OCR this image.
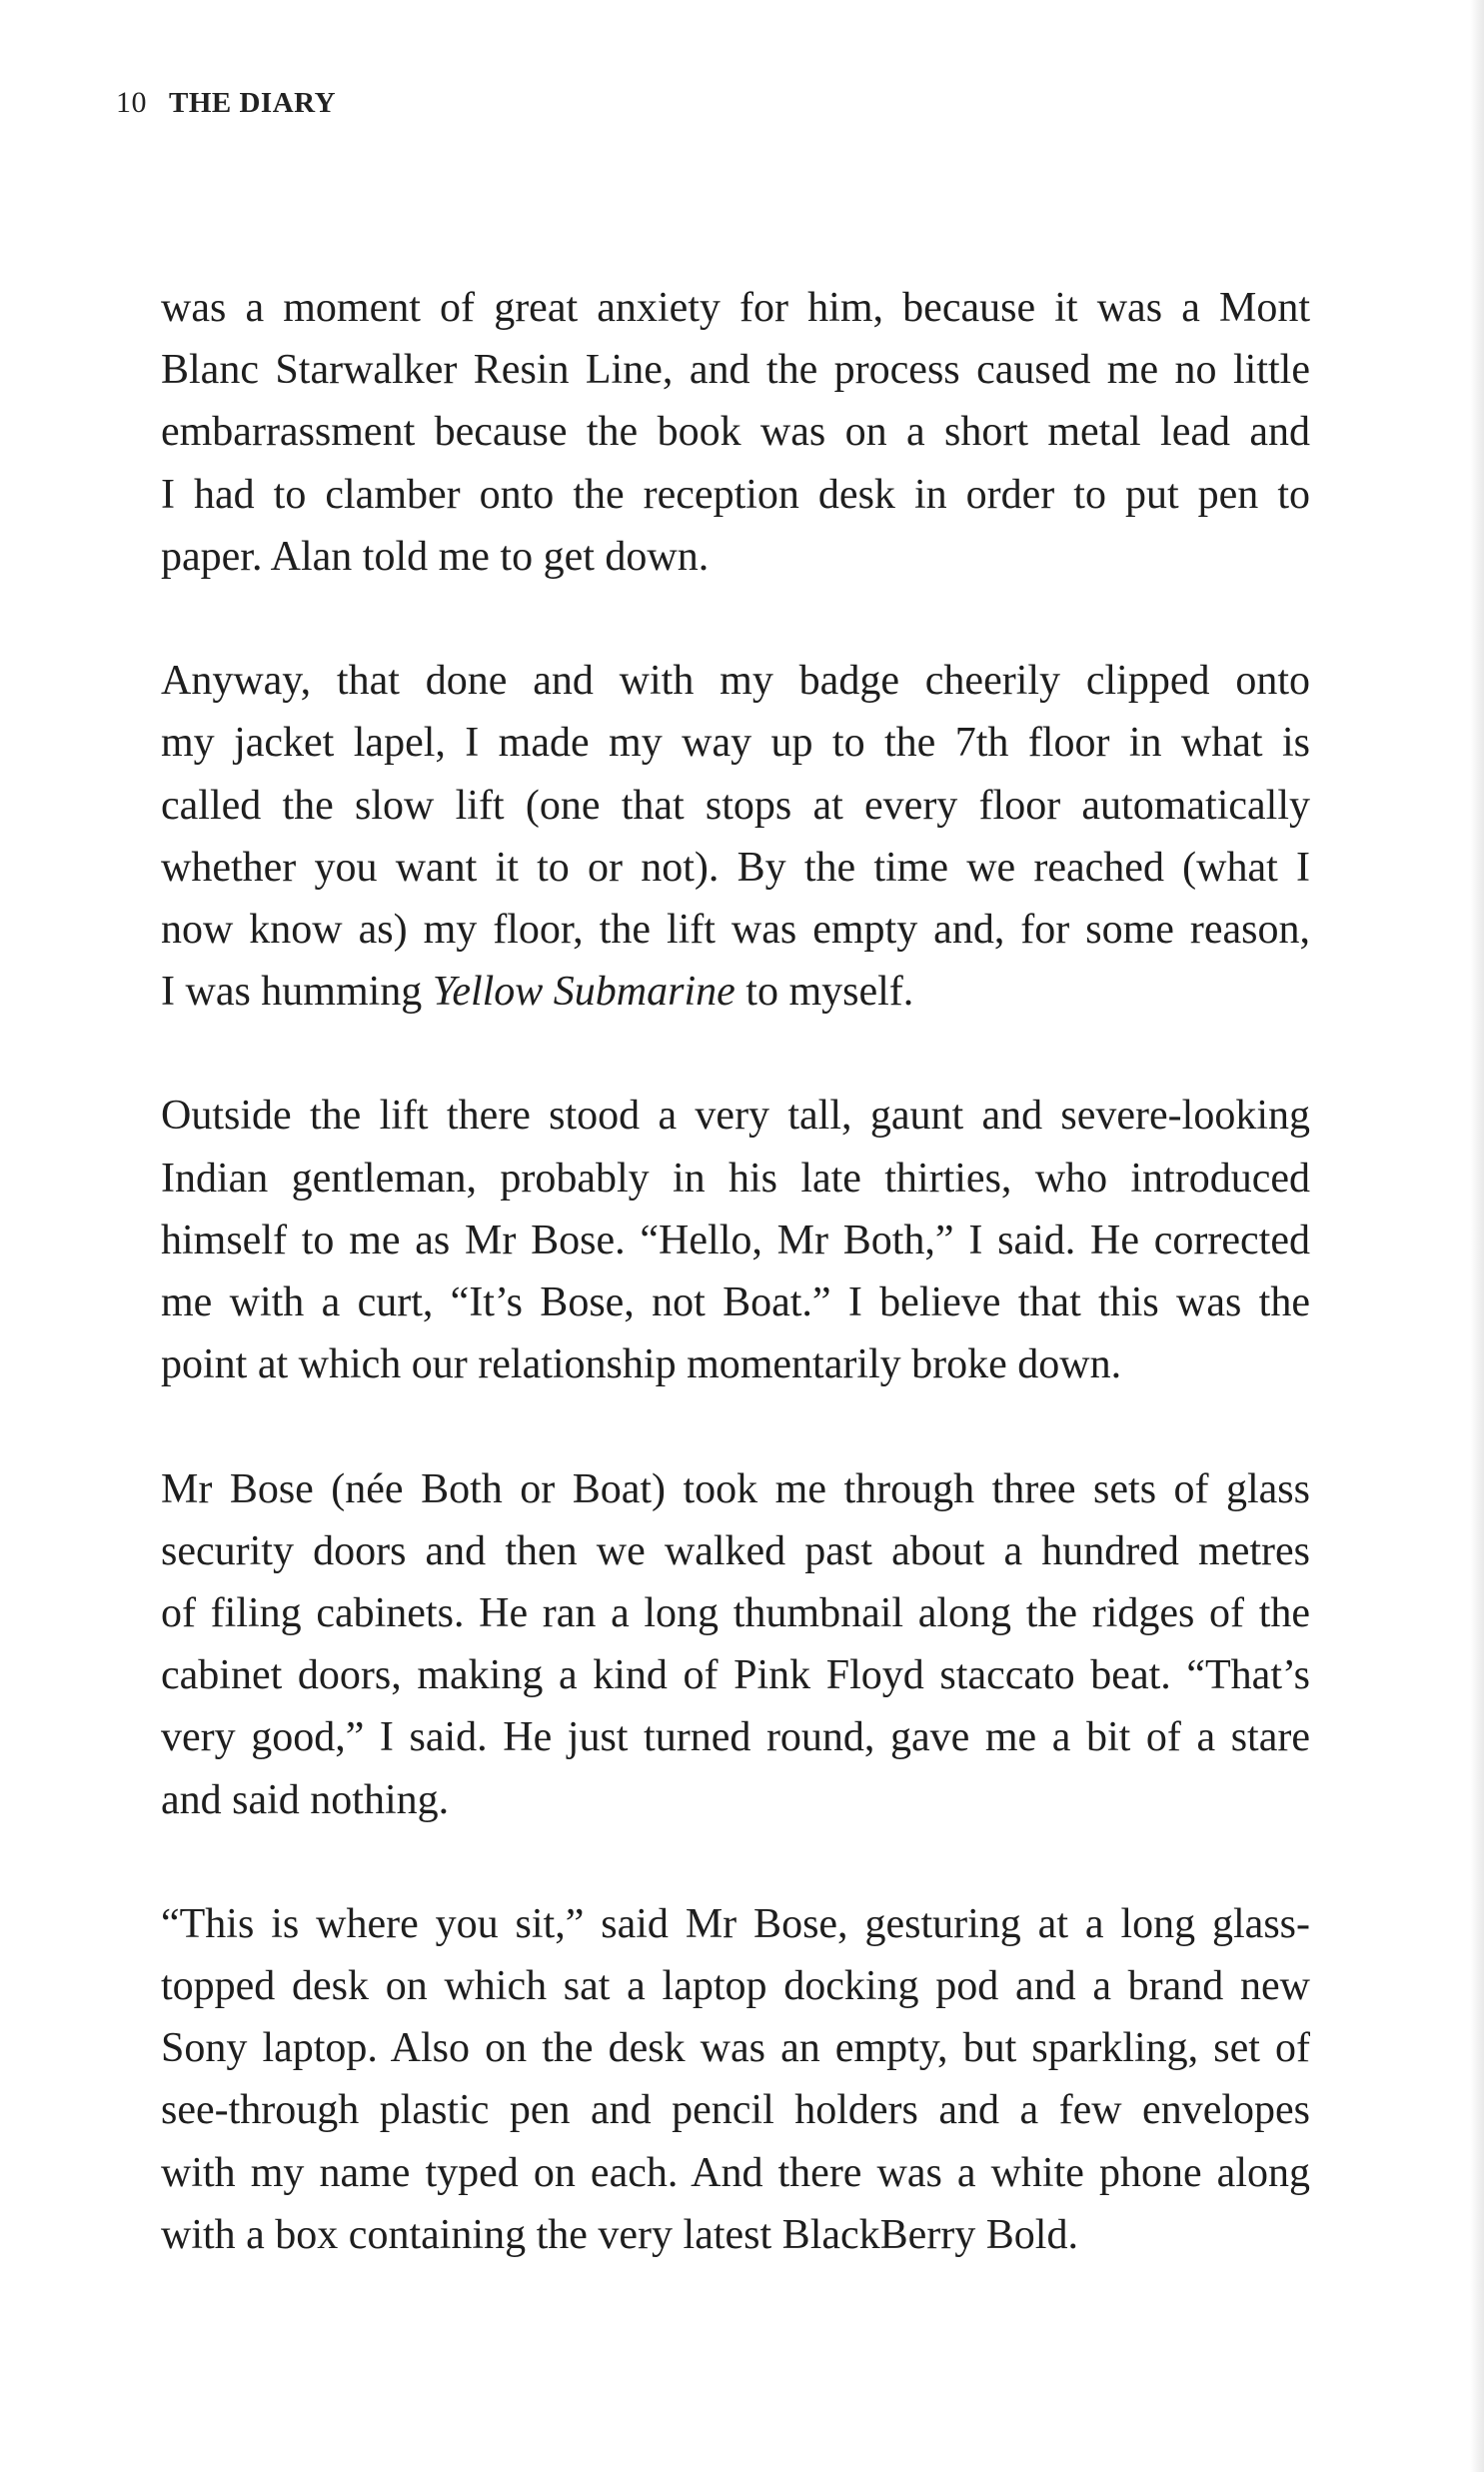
10 THE DIARY

was a moment of great anxiety for him, because it was a Mont
Blanc Starwalker Resin Line, and the process caused me no little
embarrassment because the book was on a short metal lead and
I had to clamber onto the reception desk in order to put pen to
paper. Alan told me to get down.

Anyway, that done and with my badge cheerily clipped onto
my jacket lapel, I made my way up to the 7th floor in what is
called the slow lift (one that stops at every floor automatically
whether you want it to or not). By the time we reached (what I
now know as) my floor, the lift was empty and, for some reason,
I was humming Yellow Submarine to myself.

Outside the lift there stood a very tall, gaunt and severe-looking
Indian gentleman, probably in his late thirties, who introduced
himself to me as Mr Bose. “Hello, Mr Both,” I said. He corrected
me with a curt, “It’s Bose, not Boat.” I believe that this was the
point at which our relationship momentarily broke down.

Mr Bose (née Both or Boat) took me through three sets of glass
security doors and then we walked past about a hundred metres
of filing cabinets. He ran a long thumbnail along the ridges of the
cabinet doors, making a kind of Pink Floyd staccato beat. “That’s
very good,” I said. He just turned round, gave me a bit of a stare
and said nothing.

“This is where you sit,” said Mr Bose, gesturing at a long glass-
topped desk on which sat a laptop docking pod and a brand new
Sony laptop. Also on the desk was an empty, but sparkling, set of
see-through plastic pen and pencil holders and a few envelopes
with my name typed on each. And there was a white phone along
with a box containing the very latest BlackBerry Bold.
